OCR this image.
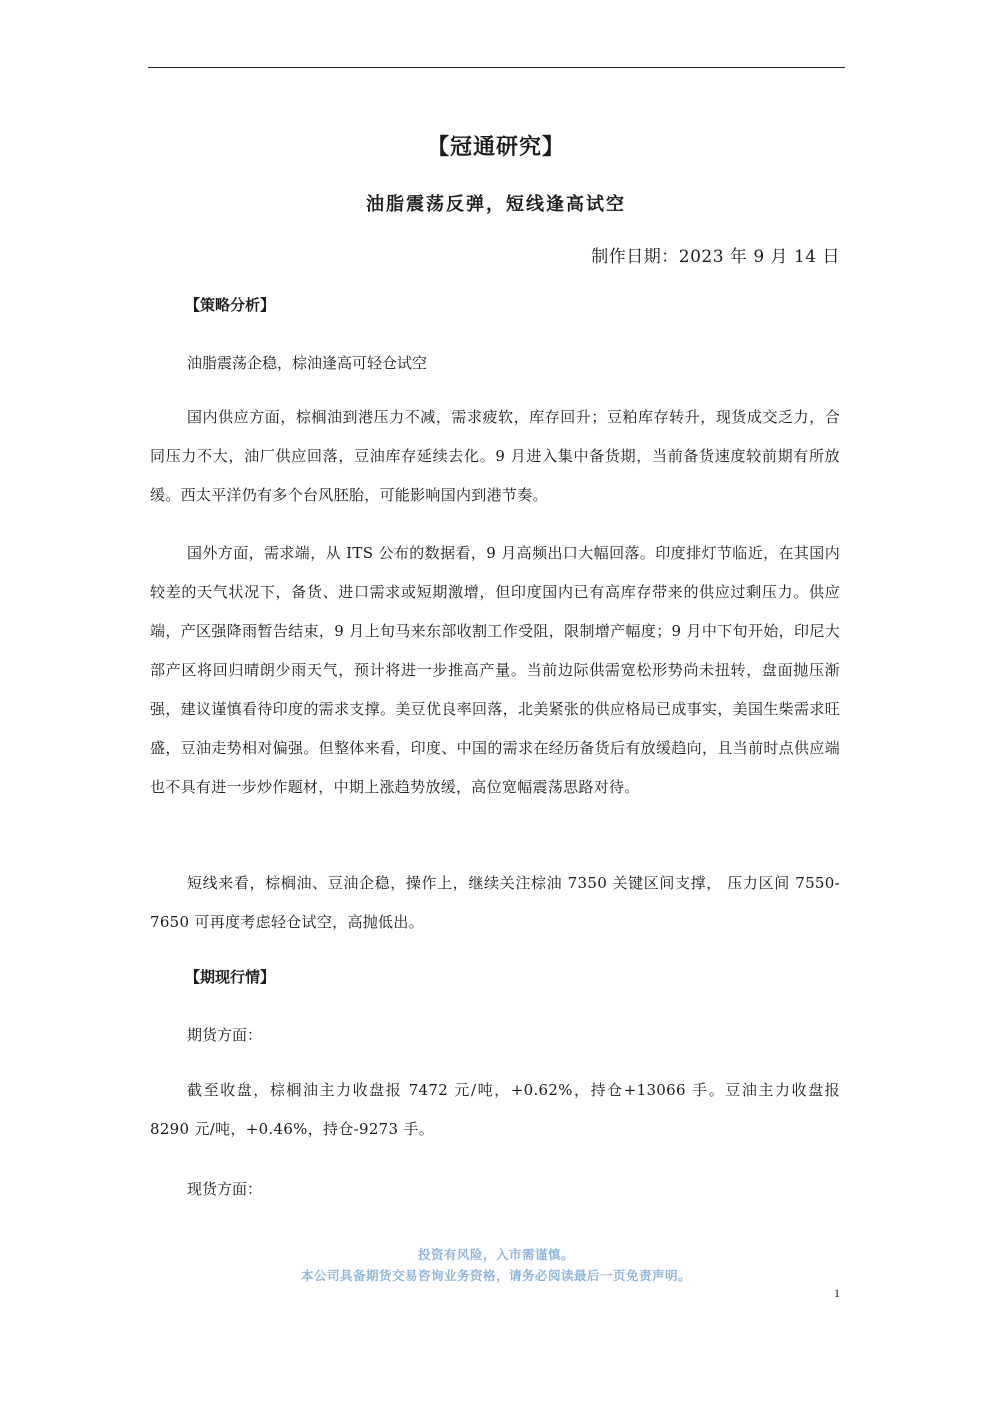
【冠通研究】
油脂震荡反弹，短线逢高试空
制作日期：2023 年 9 月 14 日
【策略分析】

油脂震荡企稳，棕油逢高可轻仓试空

国内供应方面，棕榈油到港压力不减，需求疲软，库存回升；豆粕库存转升，现货成交乏力，合同压力不大，油厂供应回落，豆油库存延续去化。9 月进入集中备货期，当前备货速度较前期有所放缓。西太平洋仍有多个台风胚胎，可能影响国内到港节奏。

国外方面，需求端，从 ITS 公布的数据看，9 月高频出口大幅回落。印度排灯节临近，在其国内较差的天气状况下，备货、进口需求或短期激增，但印度国内已有高库存带来的供应过剩压力。供应端，产区强降雨暂告结束，9 月上旬马来东部收割工作受阻，限制增产幅度；9 月中下旬开始，印尼大部产区将回归晴朗少雨天气，预计将进一步推高产量。当前边际供需宽松形势尚未扭转，盘面抛压渐强，建议谨慎看待印度的需求支撑。美豆优良率回落，北美紧张的供应格局已成事实，美国生柴需求旺盛，豆油走势相对偏强。但整体来看，印度、中国的需求在经历备货后有放缓趋向，且当前时点供应端也不具有进一步炒作题材，中期上涨趋势放缓，高位宽幅震荡思路对待。

短线来看，棕榈油、豆油企稳，操作上，继续关注棕油 7350 关键区间支撑， 压力区间 7550-7650 可再度考虑轻仓试空，高抛低出。

【期现行情】

期货方面：

截至收盘，棕榈油主力收盘报 7472 元/吨，+0.62%，持仓+13066 手。豆油主力收盘报 8290 元/吨，+0.46%，持仓-9273 手。

现货方面：

投资有风险，入市需谨慎。
本公司具备期货交易咨询业务资格，请务必阅读最后一页免责声明。
1
